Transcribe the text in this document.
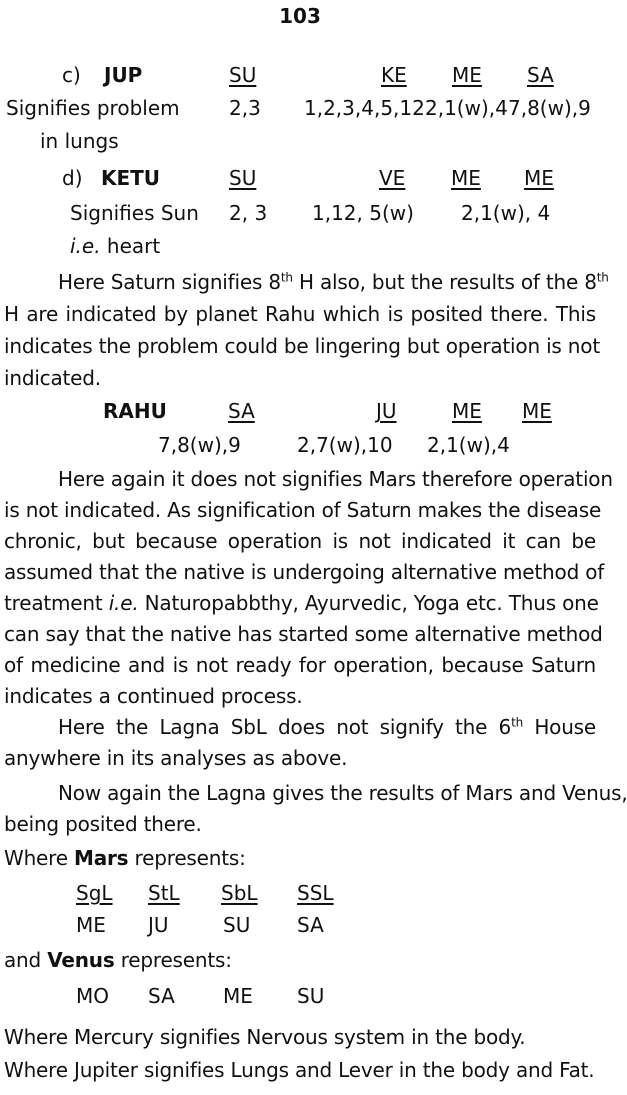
103
c) JUP	SU	KE ME SA
Signifies problem 2,3 1,2,3,4,5,12 2,1(w),4 7,8(w),9
in lungs
d) KETU	SU	VE ME ME
Signifies Sun 2, 3 1,12, 5(w) 2,1(w), 4
i.e. heart
Here Saturn signifies 8th H also, but the results of the 8th
H are indicated by planet Rahu which is posited there. This
indicates the problem could be lingering but operation is not
indicated.
RAHU	SA	JU	ME ME
7,8(w),9	2,7(w),10 2,1(w),4
Here again it does not signifies Mars therefore operation
is not indicated. As signification of Saturn makes the disease
chronic, but because operation is not indicated it can be
assumed that the native is undergoing alternative method of
treatment i.e. Naturopabbthy, Ayurvedic, Yoga etc. Thus one
can say that the native has started some alternative method
of medicine and is not ready for operation, because Saturn
indicates a continued process.
Here the Lagna SbL does not signify the 6th House
anywhere in its analyses as above.
Now again the Lagna gives the results of Mars and Venus,
being posited there.
Where Mars represents:
SgL StL SbL SSL
ME JU	SU SA
and Venus represents:
MO SA ME SU
Where Mercury signifies Nervous system in the body.
Where Jupiter signifies Lungs and Lever in the body and Fat.
